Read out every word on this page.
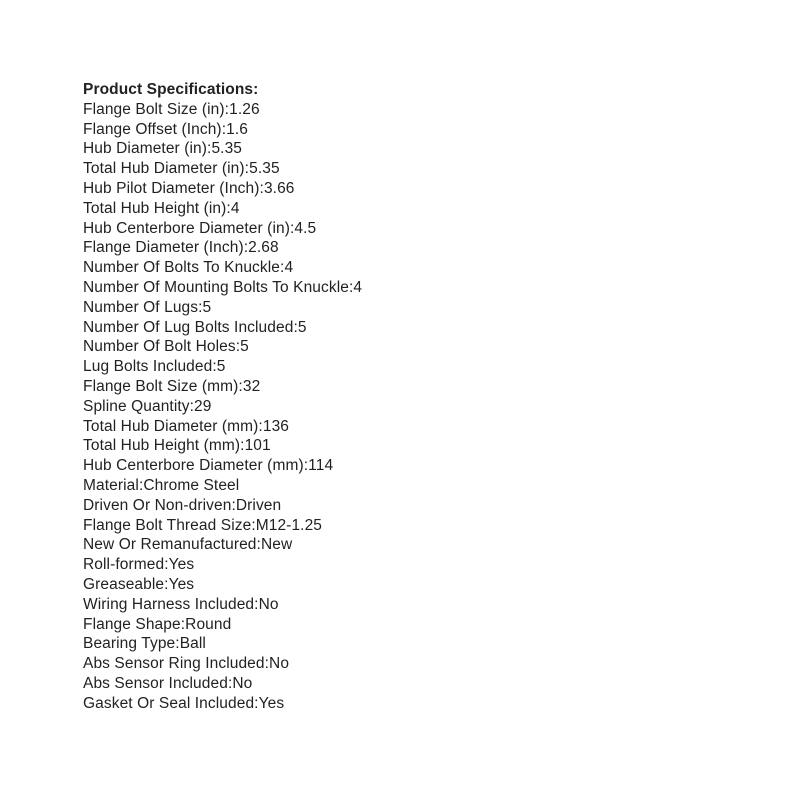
Product Specifications:
Flange Bolt Size (in):1.26
Flange Offset (Inch):1.6
Hub Diameter (in):5.35
Total Hub Diameter (in):5.35
Hub Pilot Diameter (Inch):3.66
Total Hub Height (in):4
Hub Centerbore Diameter (in):4.5
Flange Diameter (Inch):2.68
Number Of Bolts To Knuckle:4
Number Of Mounting Bolts To Knuckle:4
Number Of Lugs:5
Number Of Lug Bolts Included:5
Number Of Bolt Holes:5
Lug Bolts Included:5
Flange Bolt Size (mm):32
Spline Quantity:29
Total Hub Diameter (mm):136
Total Hub Height (mm):101
Hub Centerbore Diameter (mm):114
Material:Chrome Steel
Driven Or Non-driven:Driven
Flange Bolt Thread Size:M12-1.25
New Or Remanufactured:New
Roll-formed:Yes
Greaseable:Yes
Wiring Harness Included:No
Flange Shape:Round
Bearing Type:Ball
Abs Sensor Ring Included:No
Abs Sensor Included:No
Gasket Or Seal Included:Yes
